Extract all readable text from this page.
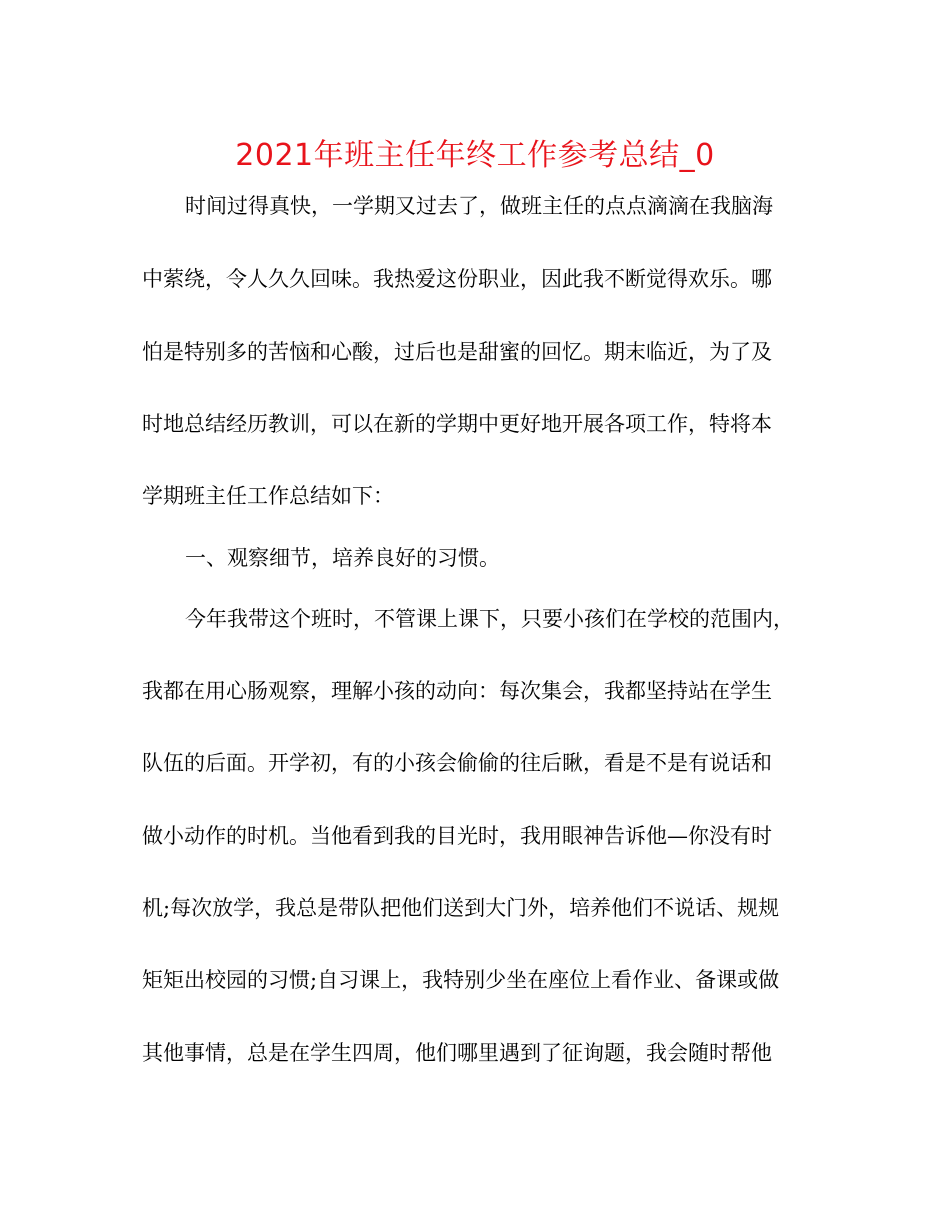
2021年班主任年终工作参考总结_0
时间过得真快，一学期又过去了，做班主任的点点滴滴在我脑海
中萦绕，令人久久回味。我热爱这份职业，因此我不断觉得欢乐。哪
怕是特别多的苦恼和心酸，过后也是甜蜜的回忆。期末临近，为了及
时地总结经历教训，可以在新的学期中更好地开展各项工作，特将本
学期班主任工作总结如下：
一、观察细节，培养良好的习惯。
今年我带这个班时，不管课上课下，只要小孩们在学校的范围内，
我都在用心肠观察，理解小孩的动向：每次集会，我都坚持站在学生
队伍的后面。开学初，有的小孩会偷偷的往后瞅，看是不是有说话和
做小动作的时机。当他看到我的目光时，我用眼神告诉他—你没有时
机;每次放学，我总是带队把他们送到大门外，培养他们不说话、规规
矩矩出校园的习惯;自习课上，我特别少坐在座位上看作业、备课或做
其他事情，总是在学生四周，他们哪里遇到了征询题，我会随时帮他
